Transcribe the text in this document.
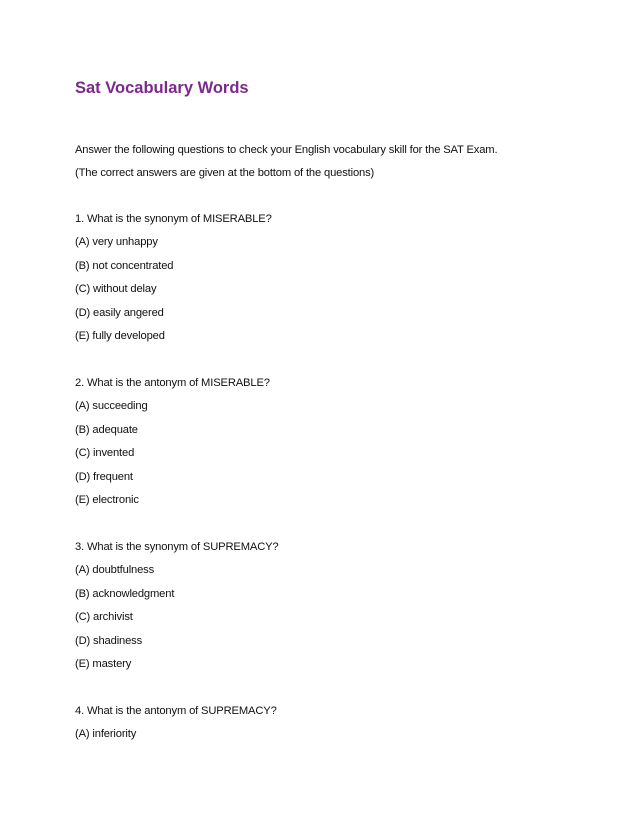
Sat Vocabulary Words
Answer the following questions to check your English vocabulary skill for the SAT Exam.
(The correct answers are given at the bottom of the questions)
1. What is the synonym of MISERABLE?
(A) very unhappy
(B) not concentrated
(C) without delay
(D) easily angered
(E) fully developed
2. What is the antonym of MISERABLE?
(A) succeeding
(B) adequate
(C) invented
(D) frequent
(E) electronic
3. What is the synonym of SUPREMACY?
(A) doubtfulness
(B) acknowledgment
(C) archivist
(D) shadiness
(E) mastery
4. What is the antonym of SUPREMACY?
(A) inferiority
